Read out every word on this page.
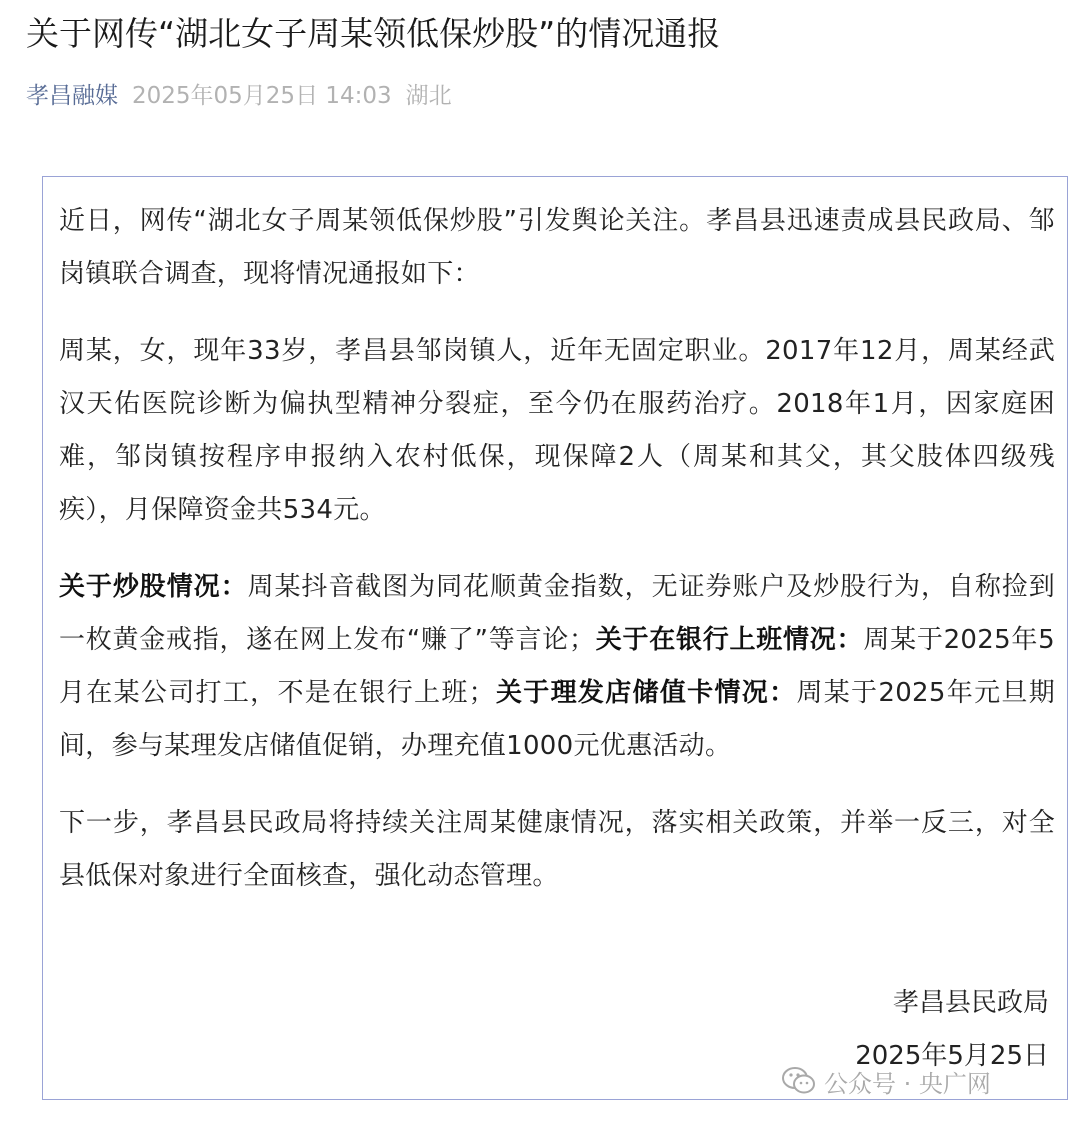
关于网传“湖北女子周某领低保炒股”的情况通报
孝昌融媒 2025年05月25日 14:03 湖北

近日，网传“湖北女子周某领低保炒股”引发舆论关注。孝昌县迅速责成县民政局、邹岗镇联合调查，现将情况通报如下：

周某，女，现年33岁，孝昌县邹岗镇人，近年无固定职业。2017年12月，周某经武汉天佑医院诊断为偏执型精神分裂症，至今仍在服药治疗。2018年1月，因家庭困难，邹岗镇按程序申报纳入农村低保，现保障2人（周某和其父，其父肢体四级残疾），月保障资金共534元。

关于炒股情况：周某抖音截图为同花顺黄金指数，无证券账户及炒股行为，自称捡到一枚黄金戒指，遂在网上发布“赚了”等言论；关于在银行上班情况：周某于2025年5月在某公司打工，不是在银行上班；关于理发店储值卡情况：周某于2025年元旦期间，参与某理发店储值促销，办理充值1000元优惠活动。

下一步，孝昌县民政局将持续关注周某健康情况，落实相关政策，并举一反三，对全县低保对象进行全面核查，强化动态管理。

孝昌县民政局
2025年5月25日
公众号 · 央广网
